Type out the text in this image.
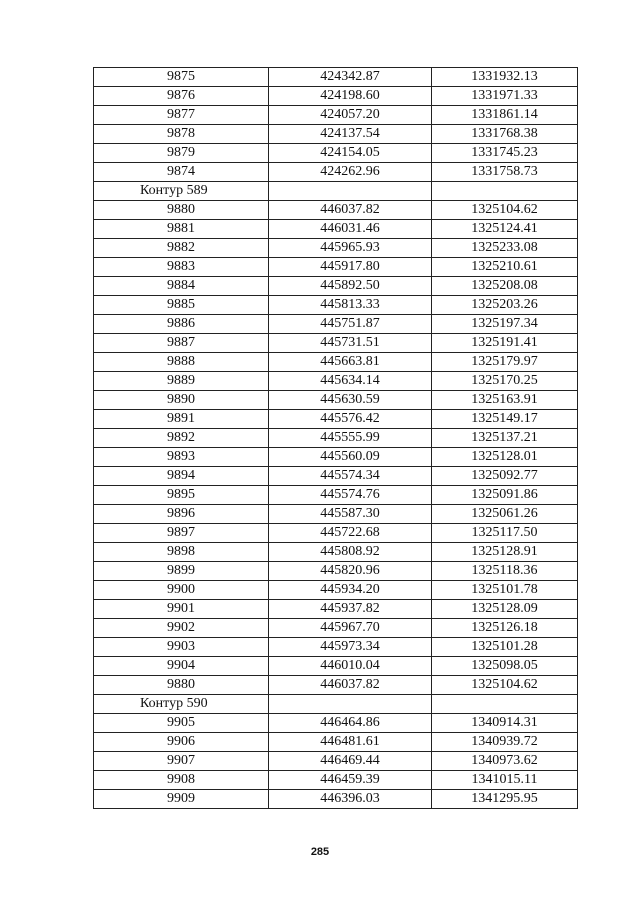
9875	424342.87	1331932.13
9876	424198.60	1331971.33
9877	424057.20	1331861.14
9878	424137.54	1331768.38
9879	424154.05	1331745.23
9874	424262.96	1331758.73
Контур 589		
9880	446037.82	1325104.62
9881	446031.46	1325124.41
9882	445965.93	1325233.08
9883	445917.80	1325210.61
9884	445892.50	1325208.08
9885	445813.33	1325203.26
9886	445751.87	1325197.34
9887	445731.51	1325191.41
9888	445663.81	1325179.97
9889	445634.14	1325170.25
9890	445630.59	1325163.91
9891	445576.42	1325149.17
9892	445555.99	1325137.21
9893	445560.09	1325128.01
9894	445574.34	1325092.77
9895	445574.76	1325091.86
9896	445587.30	1325061.26
9897	445722.68	1325117.50
9898	445808.92	1325128.91
9899	445820.96	1325118.36
9900	445934.20	1325101.78
9901	445937.82	1325128.09
9902	445967.70	1325126.18
9903	445973.34	1325101.28
9904	446010.04	1325098.05
9880	446037.82	1325104.62
Контур 590		
9905	446464.86	1340914.31
9906	446481.61	1340939.72
9907	446469.44	1340973.62
9908	446459.39	1341015.11
9909	446396.03	1341295.95
285
